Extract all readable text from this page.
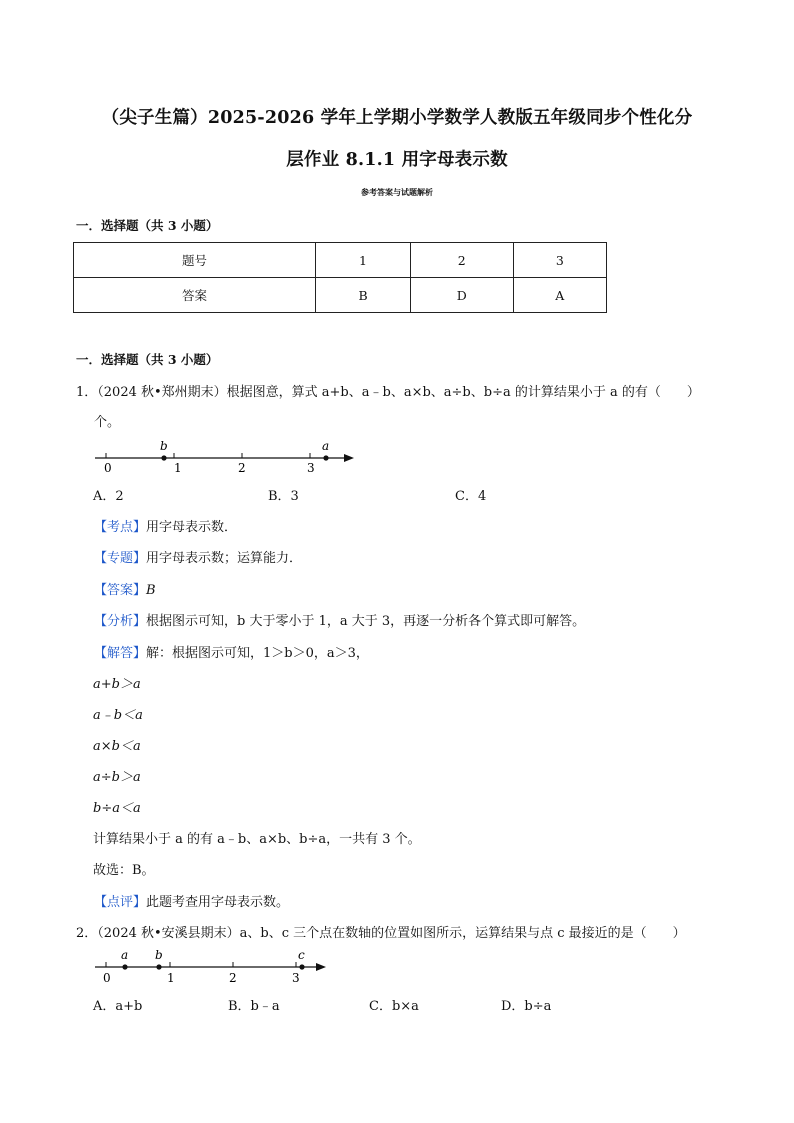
（尖子生篇）2025-2026 学年上学期小学数学人教版五年级同步个性化分
层作业 8.1.1 用字母表示数
参考答案与试题解析
一．选择题（共 3 小题）
题号	1	2	3
答案	B	D	A
一．选择题（共 3 小题）
1．（2024 秋•郑州期末）根据图意，算式 a+b、a﹣b、a×b、a÷b、b÷a 的计算结果小于 a 的有（　　）
个。
0	1	2	3
b	a
A．2	B．3	C．4
【考点】用字母表示数．
【专题】用字母表示数；运算能力．
【答案】B
【分析】根据图示可知，b 大于零小于 1，a 大于 3，再逐一分析各个算式即可解答。
【解答】解：根据图示可知，1＞b＞0，a＞3，
a+b＞a
a﹣b＜a
a×b＜a
a÷b＞a
b÷a＜a
计算结果小于 a 的有 a﹣b、a×b、b÷a，一共有 3 个。
故选：B。
【点评】此题考查用字母表示数。
2．（2024 秋•安溪县期末）a、b、c 三个点在数轴的位置如图所示，运算结果与点 c 最接近的是（　　）
0	1	2	3
a b	c
A．a+b	B．b﹣a	C．b×a	D．b÷a
